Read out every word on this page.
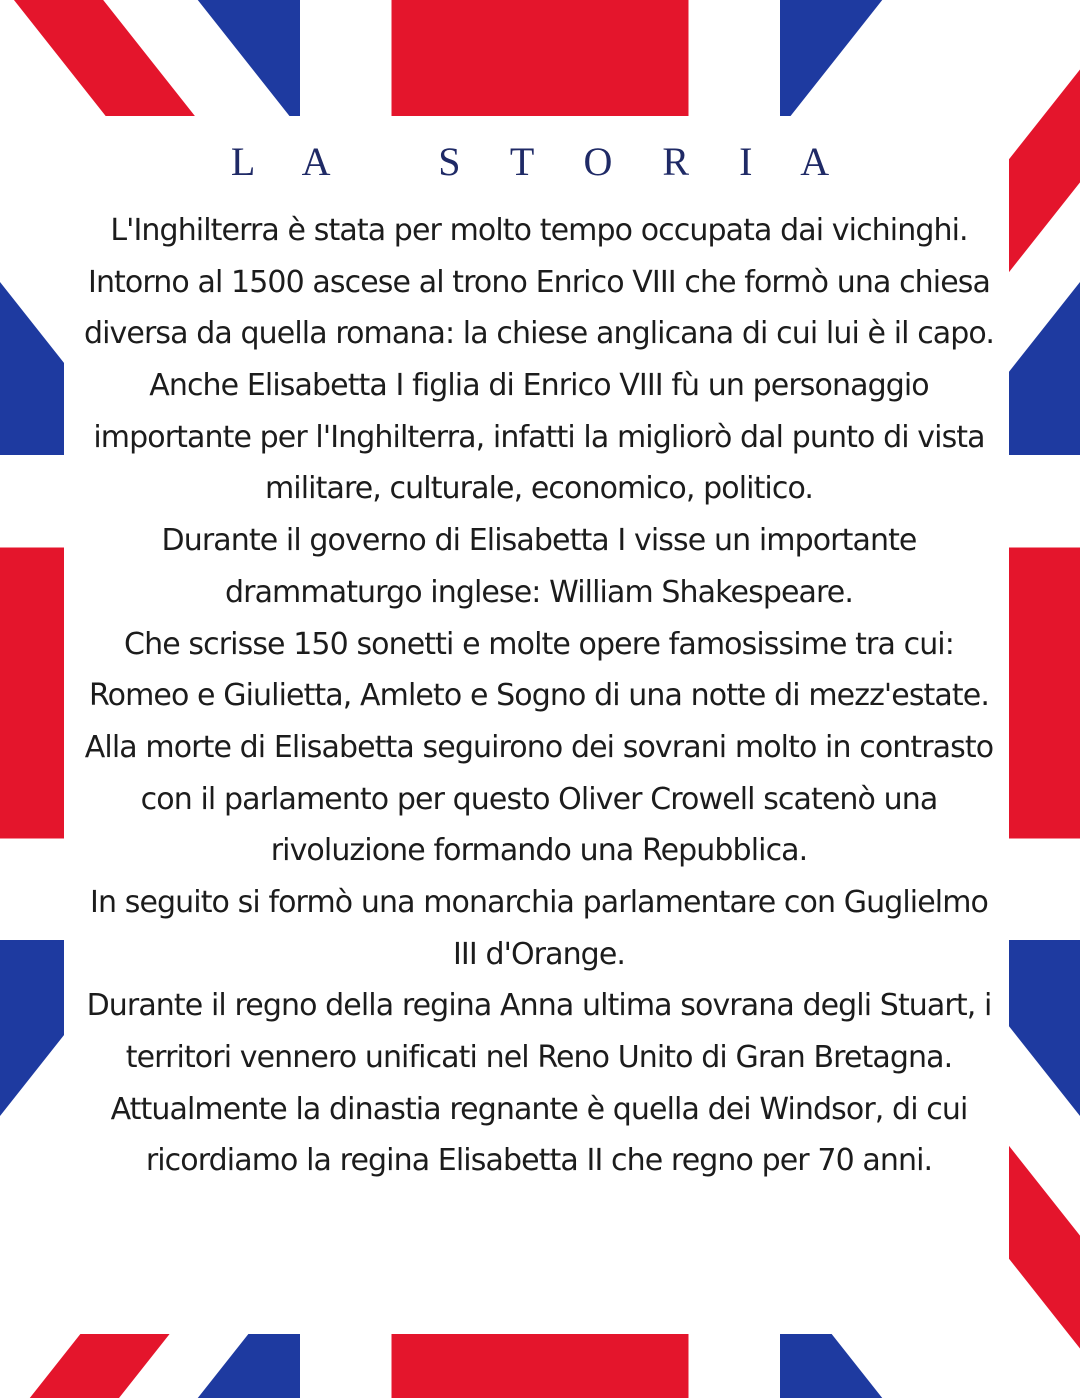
L A   S T O R I A
L'Inghilterra è stata per molto tempo occupata dai vichinghi.
Intorno al 1500 ascese al trono Enrico VIII che formò una chiesa
diversa da quella romana: la chiese anglicana di cui lui è il capo.
Anche Elisabetta I figlia di Enrico VIII fù un personaggio
importante per l'Inghilterra, infatti la migliorò dal punto di vista
militare, culturale, economico, politico.
Durante il governo di Elisabetta I visse un importante
drammaturgo inglese: William Shakespeare.
Che scrisse 150 sonetti e molte opere famosissime tra cui:
Romeo e Giulietta, Amleto e Sogno di una notte di mezz'estate.
Alla morte di Elisabetta seguirono dei sovrani molto in contrasto
con il parlamento per questo Oliver Crowell scatenò una
rivoluzione formando una Repubblica.
In seguito si formò una monarchia parlamentare con Guglielmo
III d'Orange.
Durante il regno della regina Anna ultima sovrana degli Stuart, i
territori vennero unificati nel Reno Unito di Gran Bretagna.
Attualmente la dinastia regnante è quella dei Windsor, di cui
ricordiamo la regina Elisabetta II che regno per 70 anni.
